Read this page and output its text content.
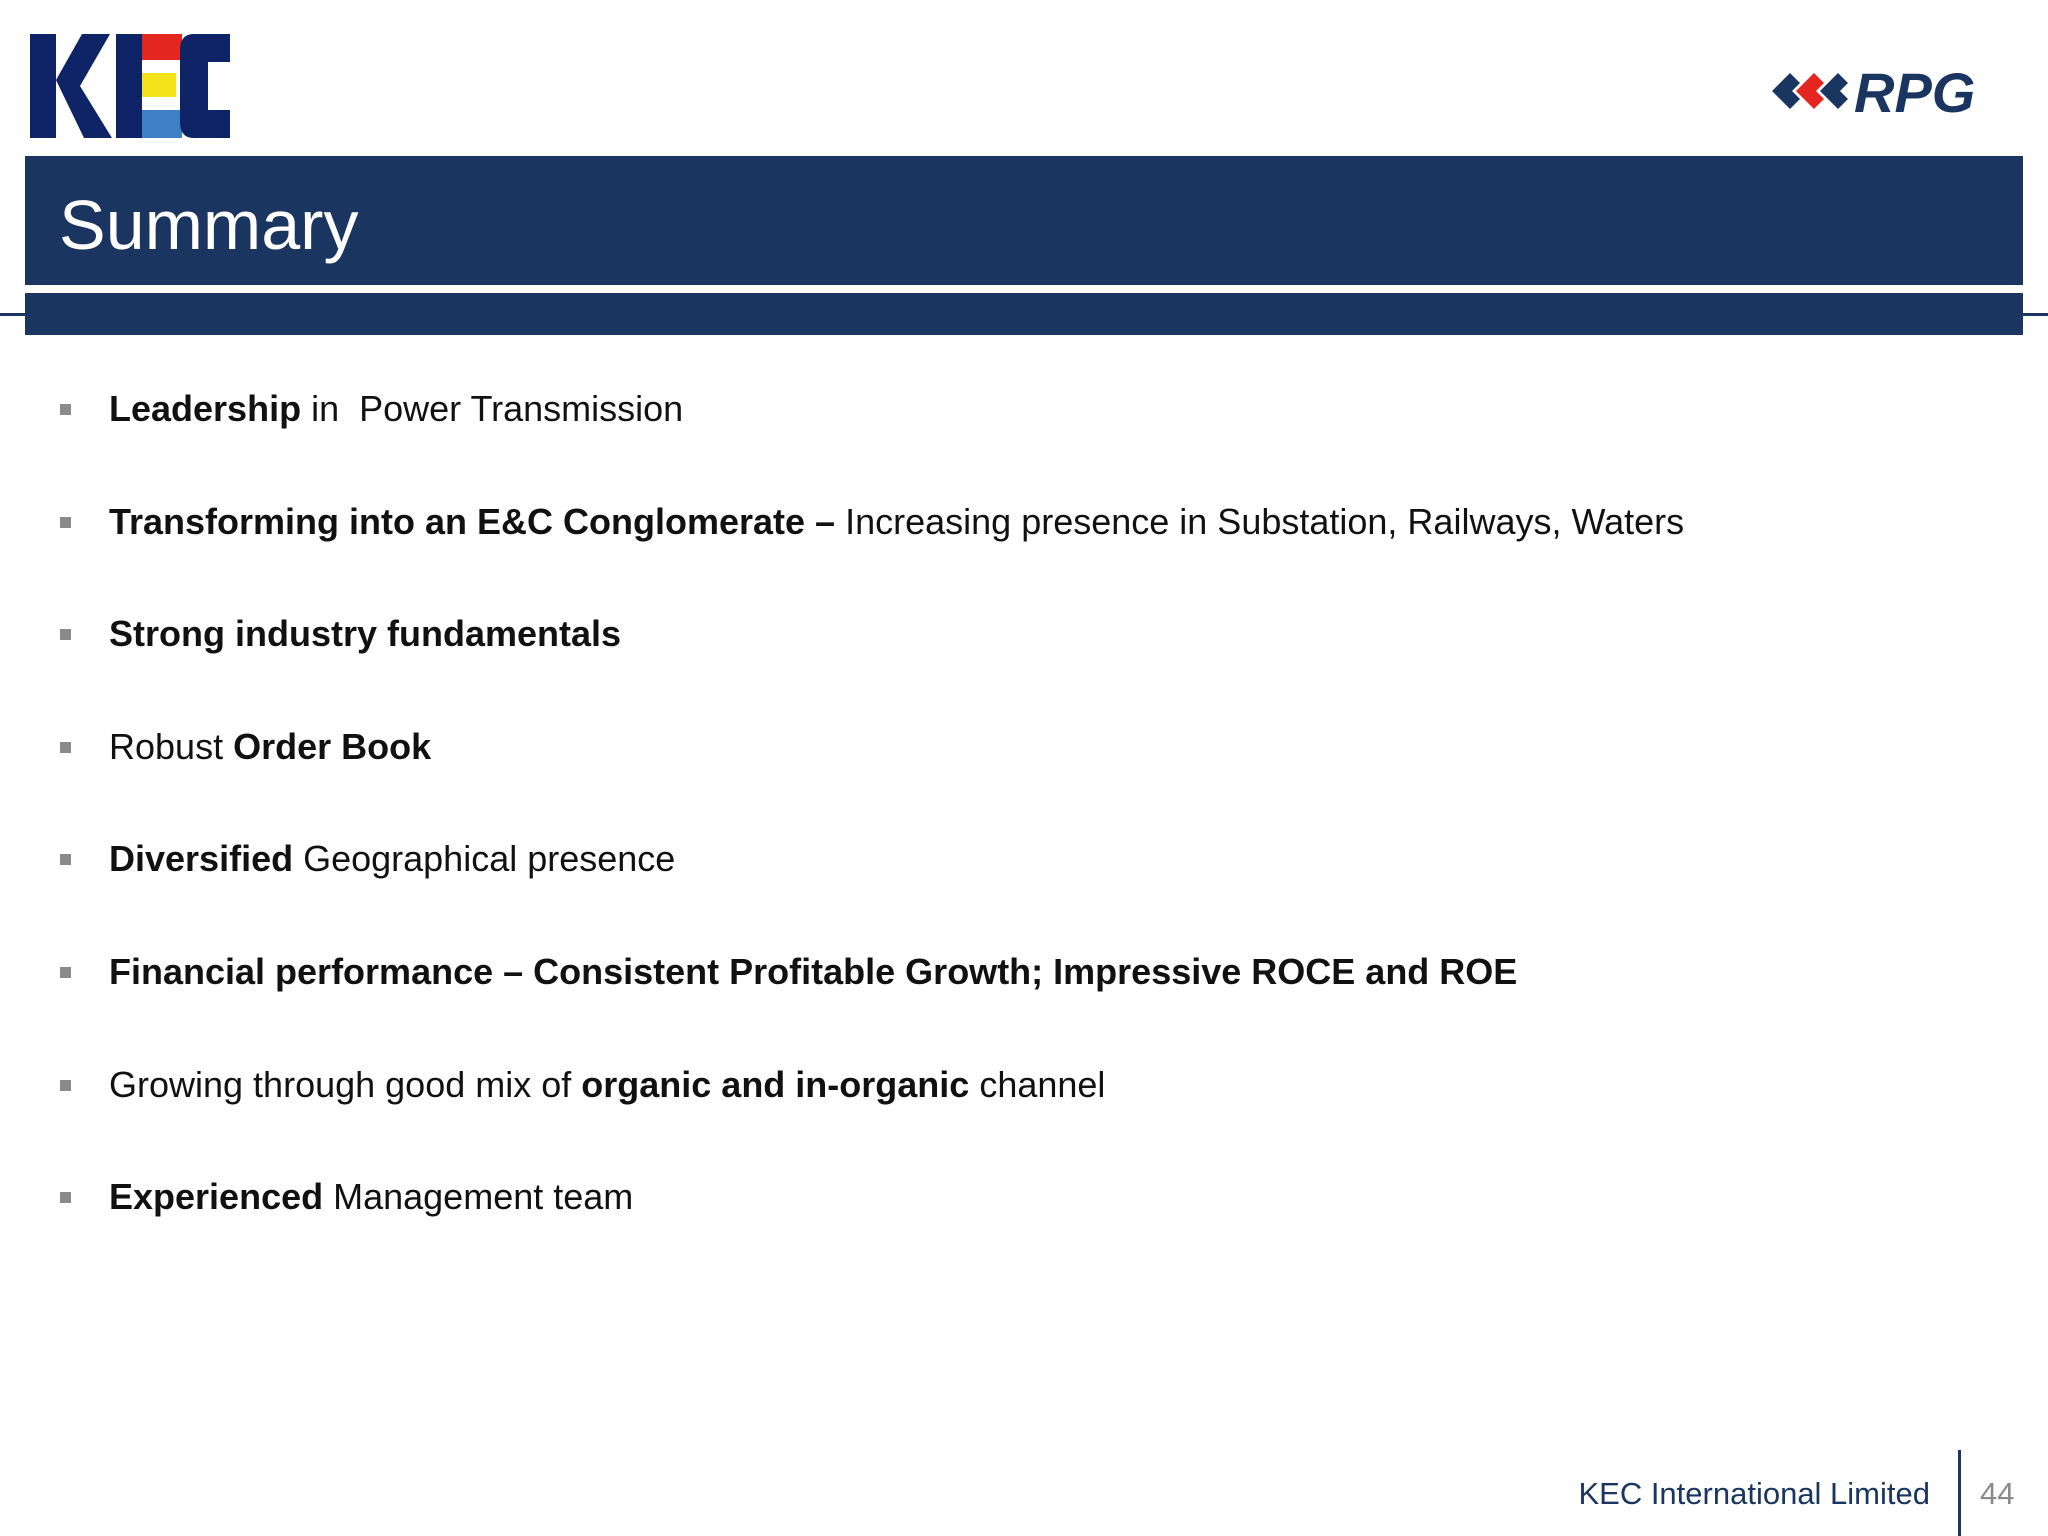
KEC
RPG
Summary
Leadership in  Power Transmission
Transforming into an E&C Conglomerate – Increasing presence in Substation, Railways, Waters
Strong industry fundamentals
Robust Order Book
Diversified Geographical presence
Financial performance – Consistent Profitable Growth; Impressive ROCE and ROE
Growing through good mix of organic and in-organic channel
Experienced Management team
KEC International Limited 44
